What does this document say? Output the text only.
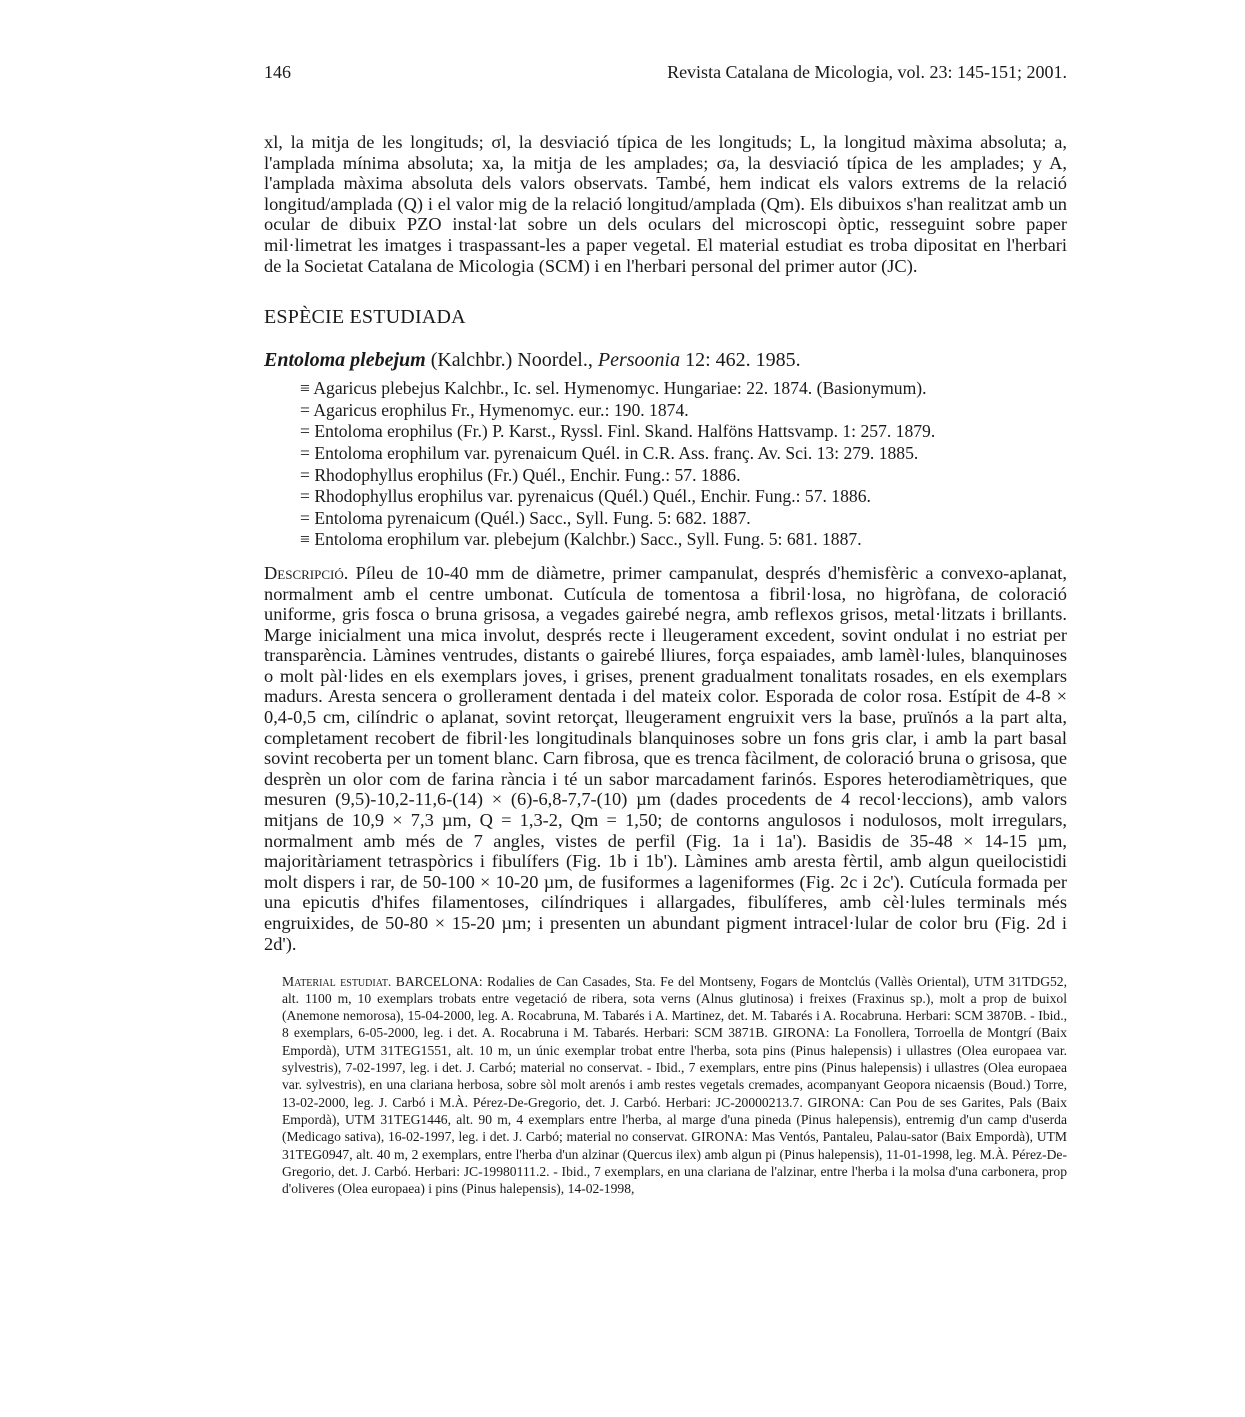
146	Revista Catalana de Micologia, vol. 23: 145-151; 2001.

xl, la mitja de les longituds; σl, la desviació típica de les longituds; L, la longitud màxima absoluta; a, l'amplada mínima absoluta; xa, la mitja de les amplades; σa, la desviació típica de les amplades; y A, l'amplada màxima absoluta dels valors observats. També, hem indicat els valors extrems de la relació longitud/amplada (Q) i el valor mig de la relació longitud/amplada (Qm). Els dibuixos s'han realitzat amb un ocular de dibuix PZO instal·lat sobre un dels oculars del microscopi òptic, resseguint sobre paper mil·limetrat les imatges i traspassant-les a paper vegetal. El material estudiat es troba dipositat en l'herbari de la Societat Catalana de Micologia (SCM) i en l'herbari personal del primer autor (JC).

ESPÈCIE ESTUDIADA
Entoloma plebejum (Kalchbr.) Noordel., Persoonia 12: 462. 1985.
≡ Agaricus plebejus Kalchbr., Ic. sel. Hymenomyc. Hungariae: 22. 1874. (Basionymum).
= Agaricus erophilus Fr., Hymenomyc. eur.: 190. 1874.
= Entoloma erophilus (Fr.) P. Karst., Ryssl. Finl. Skand. Halföns Hattsvamp. 1: 257. 1879.
= Entoloma erophilum var. pyrenaicum Quél. in C.R. Ass. franç. Av. Sci. 13: 279. 1885.
= Rhodophyllus erophilus (Fr.) Quél., Enchir. Fung.: 57. 1886.
= Rhodophyllus erophilus var. pyrenaicus (Quél.) Quél., Enchir. Fung.: 57. 1886.
= Entoloma pyrenaicum (Quél.) Sacc., Syll. Fung. 5: 682. 1887.
≡ Entoloma erophilum var. plebejum (Kalchbr.) Sacc., Syll. Fung. 5: 681. 1887.

Descripció. Píleu de 10-40 mm de diàmetre, primer campanulat, després d'hemisfèric a convexo-aplanat, normalment amb el centre umbonat. Cutícula de tomentosa a fibril·losa, no higròfana, de coloració uniforme, gris fosca o bruna grisosa, a vegades gairebé negra, amb reflexos grisos, metal·litzats i brillants. Marge inicialment una mica involut, després recte i lleugerament excedent, sovint ondulat i no estriat per transparència. Làmines ventrudes, distants o gairebé lliures, força espaiades, amb lamèl·lules, blanquinoses o molt pàl·lides en els exemplars joves, i grises, prenent gradualment tonalitats rosades, en els exemplars madurs. Aresta sencera o grollerament dentada i del mateix color. Esporada de color rosa. Estípit de 4-8 × 0,4-0,5 cm, cilíndric o aplanat, sovint retorçat, lleugerament engruixit vers la base, pruïnós a la part alta, completament recobert de fibril·les longitudinals blanquinoses sobre un fons gris clar, i amb la part basal sovint recoberta per un toment blanc. Carn fibrosa, que es trenca fàcilment, de coloració bruna o grisosa, que desprèn un olor com de farina rància i té un sabor marcadament farinós. Espores heterodiamètriques, que mesuren (9,5)-10,2-11,6-(14) × (6)-6,8-7,7-(10) µm (dades procedents de 4 recol·leccions), amb valors mitjans de 10,9 × 7,3 µm, Q = 1,3-2, Qm = 1,50; de contorns angulosos i nodulosos, molt irregulars, normalment amb més de 7 angles, vistes de perfil (Fig. 1a i 1a'). Basidis de 35-48 × 14-15 µm, majoritàriament tetraspòrics i fibulífers (Fig. 1b i 1b'). Làmines amb aresta fèrtil, amb algun queilocistidi molt dispers i rar, de 50-100 × 10-20 µm, de fusiformes a lageniformes (Fig. 2c i 2c'). Cutícula formada per una epicutis d'hifes filamentoses, cilíndriques i allargades, fibulíferes, amb cèl·lules terminals més engruixides, de 50-80 × 15-20 µm; i presenten un abundant pigment intracel·lular de color bru (Fig. 2d i 2d').

Material estudiat. BARCELONA: Rodalies de Can Casades, Sta. Fe del Montseny, Fogars de Montclús (Vallès Oriental), UTM 31TDG52, alt. 1100 m, 10 exemplars trobats entre vegetació de ribera, sota verns (Alnus glutinosa) i freixes (Fraxinus sp.), molt a prop de buixol (Anemone nemorosa), 15-04-2000, leg. A. Rocabruna, M. Tabarés i A. Martinez, det. M. Tabarés i A. Rocabruna. Herbari: SCM 3870B. - Ibid., 8 exemplars, 6-05-2000, leg. i det. A. Rocabruna i M. Tabarés. Herbari: SCM 3871B. GIRONA: La Fonollera, Torroella de Montgrí (Baix Empordà), UTM 31TEG1551, alt. 10 m, un únic exemplar trobat entre l'herba, sota pins (Pinus halepensis) i ullastres (Olea europaea var. sylvestris), 7-02-1997, leg. i det. J. Carbó; material no conservat. - Ibid., 7 exemplars, entre pins (Pinus halepensis) i ullastres (Olea europaea var. sylvestris), en una clariana herbosa, sobre sòl molt arenós i amb restes vegetals cremades, acompanyant Geopora nicaensis (Boud.) Torre, 13-02-2000, leg. J. Carbó i M.À. Pérez-De-Gregorio, det. J. Carbó. Herbari: JC-20000213.7. GIRONA: Can Pou de ses Garites, Pals (Baix Empordà), UTM 31TEG1446, alt. 90 m, 4 exemplars entre l'herba, al marge d'una pineda (Pinus halepensis), entremig d'un camp d'userda (Medicago sativa), 16-02-1997, leg. i det. J. Carbó; material no conservat. GIRONA: Mas Ventós, Pantaleu, Palau-sator (Baix Empordà), UTM 31TEG0947, alt. 40 m, 2 exemplars, entre l'herba d'un alzinar (Quercus ilex) amb algun pi (Pinus halepensis), 11-01-1998, leg. M.À. Pérez-De-Gregorio, det. J. Carbó. Herbari: JC-19980111.2. - Ibid., 7 exemplars, en una clariana de l'alzinar, entre l'herba i la molsa d'una carbonera, prop d'oliveres (Olea europaea) i pins (Pinus halepensis), 14-02-1998,
